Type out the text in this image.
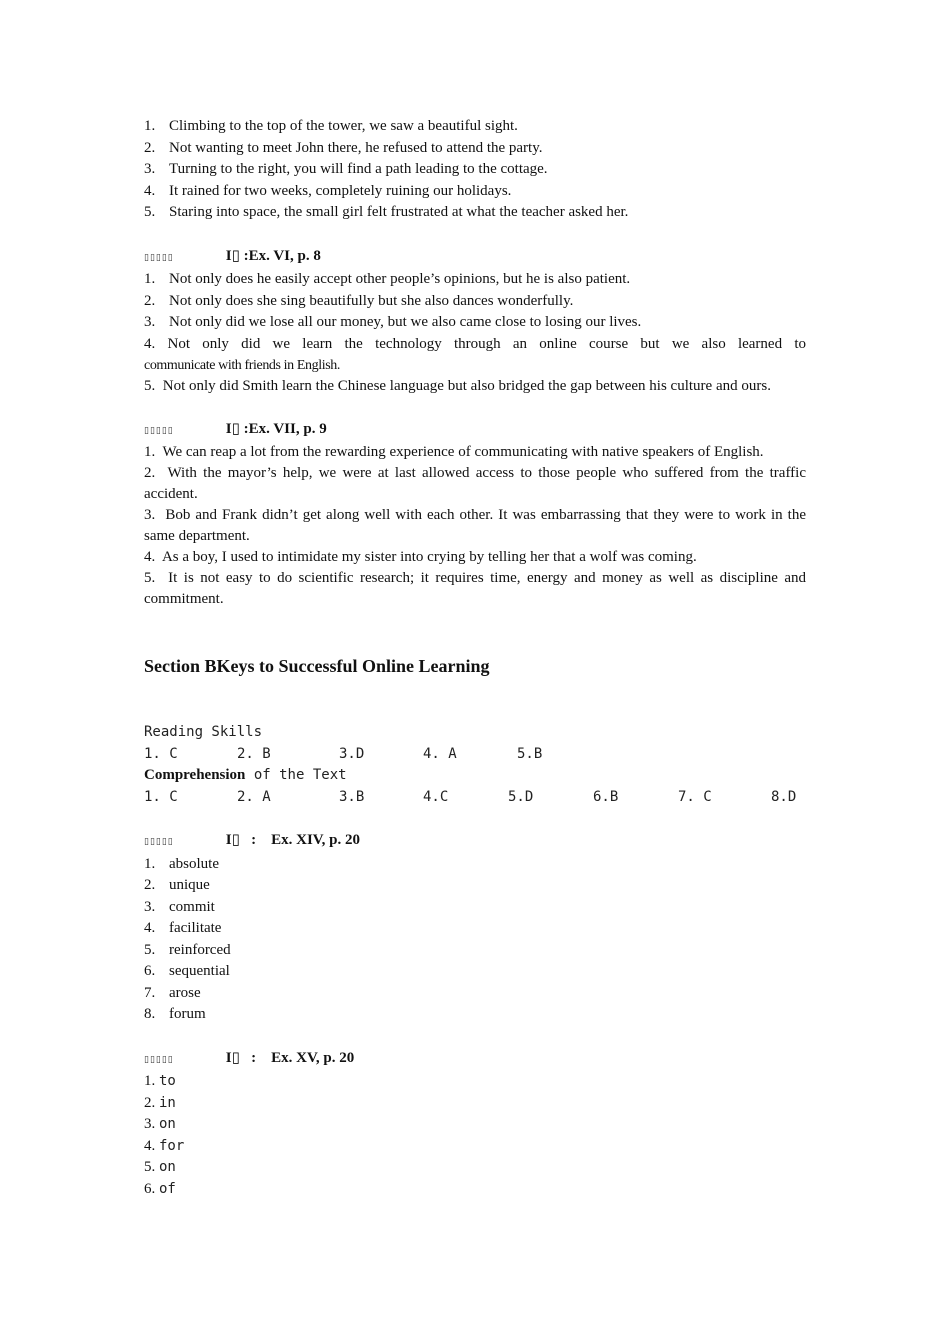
1. Climbing to the top of the tower, we saw a beautiful sight.
2. Not wanting to meet John there, he refused to attend the party.
3. Turning to the right, you will find a path leading to the cottage.
4. It rained for two weeks, completely ruining our holidays.
5. Staring into space, the small girl felt frustrated at what the teacher asked her.
▯▯▯▯▯	I▯ :Ex. VI, p. 8
1. Not only does he easily accept other people’s opinions, but he is also patient.
2. Not only does she sing beautifully but she also dances wonderfully.
3. Not only did we lose all our money, but we also came close to losing our lives.
4. Not only did we learn the technology through an online course but we also learned to
communicate with friends in English.
5. Not only did Smith learn the Chinese language but also bridged the gap between his culture and ours.
▯▯▯▯▯	I▯ :Ex. VII, p. 9
1. We can reap a lot from the rewarding experience of communicating with native speakers of English.
2. With the mayor’s help, we were at last allowed access to those people who suffered from the traffic accident.
3. Bob and Frank didn’t get along well with each other. It was embarrassing that they were to work in the same department.
4. As a boy, I used to intimidate my sister into crying by telling her that a wolf was coming.
5. It is not easy to do scientific research; it requires time, energy and money as well as discipline and commitment.
Section BKeys to Successful Online Learning
Reading Skills
1. C	2. B	3.D	4. A	5.B
Comprehension of the Text
1. C	2. A	3.B	4.C	5.D	6.B	7. C	8.D
▯▯▯▯▯	I▯ : Ex. XIV, p. 20
1. absolute
2. unique
3. commit
4. facilitate
5. reinforced
6. sequential
7. arose
8. forum
▯▯▯▯▯	I▯ : Ex. XV, p. 20
1. to
2. in
3. on
4. for
5. on
6. of
